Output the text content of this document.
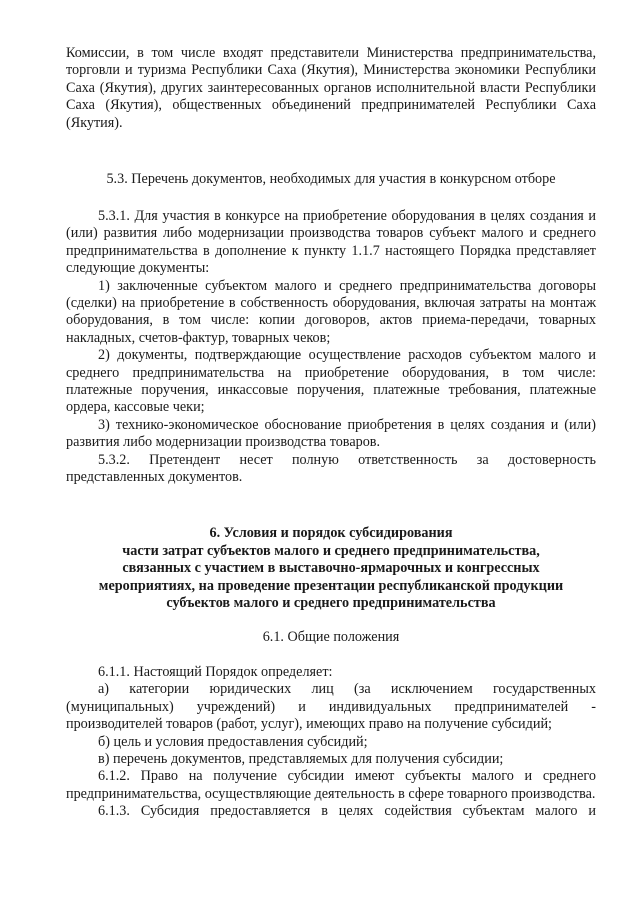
Комиссии, в том числе входят представители Министерства предпринимательства, торговли и туризма Республики Саха (Якутия), Министерства экономики Республики Саха (Якутия), других заинтересованных органов исполнительной власти Республики Саха (Якутия), общественных объединений предпринимателей Республики Саха (Якутия).

5.3. Перечень документов, необходимых для участия в конкурсном отборе

5.3.1. Для участия в конкурсе на приобретение оборудования в целях создания и (или) развития либо модернизации производства товаров субъект малого и среднего предпринимательства в дополнение к пункту 1.1.7 настоящего Порядка представляет следующие документы:

1) заключенные субъектом малого и среднего предпринимательства договоры (сделки) на приобретение в собственность оборудования, включая затраты на монтаж оборудования, в том числе: копии договоров, актов приема-передачи, товарных накладных, счетов-фактур, товарных чеков;

2) документы, подтверждающие осуществление расходов субъектом малого и среднего предпринимательства на приобретение оборудования, в том числе: платежные поручения, инкассовые поручения, платежные требования, платежные ордера, кассовые чеки;

3) технико-экономическое обоснование приобретения в целях создания и (или) развития либо модернизации производства товаров.

5.3.2. Претендент несет полную ответственность за достоверность представленных документов.

6. Условия и порядок субсидирования
части затрат субъектов малого и среднего предпринимательства,
связанных с участием в выставочно-ярмарочных и конгрессных
мероприятиях, на проведение презентации республиканской продукции
субъектов малого и среднего предпринимательства

6.1. Общие положения

6.1.1. Настоящий Порядок определяет:

а) категории юридических лиц (за исключением государственных (муниципальных) учреждений) и индивидуальных предпринимателей - производителей товаров (работ, услуг), имеющих право на получение субсидий;

б) цель и условия предоставления субсидий;

в) перечень документов, представляемых для получения субсидии;

6.1.2. Право на получение субсидии имеют субъекты малого и среднего предпринимательства, осуществляющие деятельность в сфере товарного производства.

6.1.3. Субсидия предоставляется в целях содействия субъектам малого и
